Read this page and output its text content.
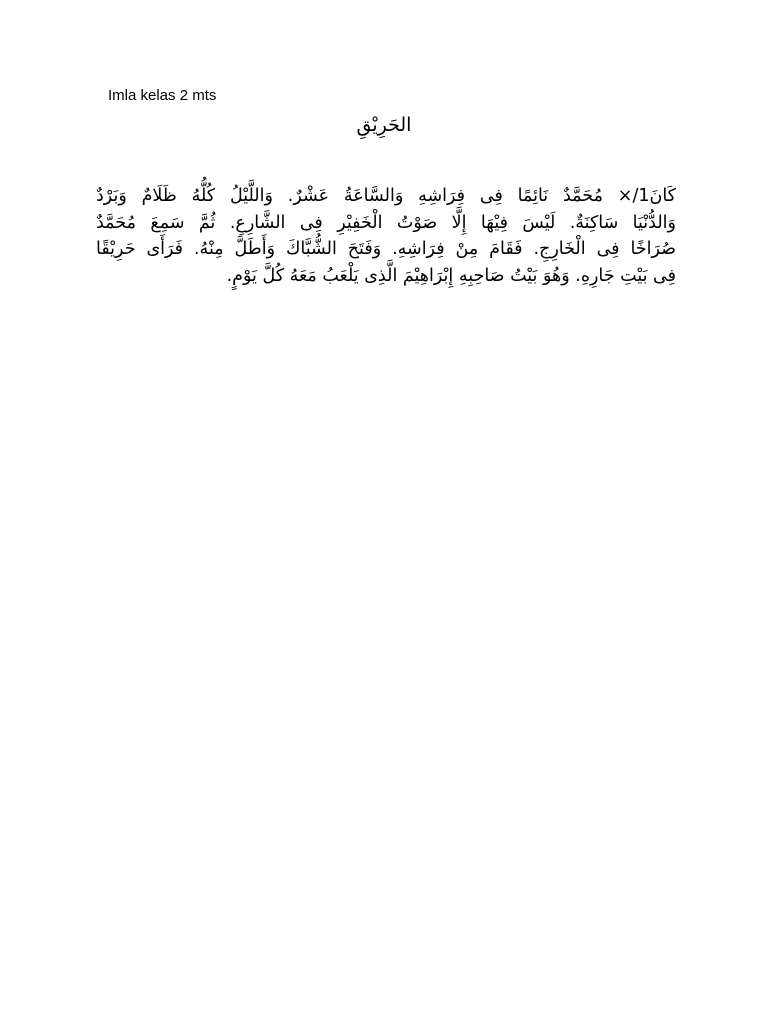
Imla kelas 2 mts
الحَرِيْقِ
كَانَ1/× مُحَمَّدٌ نَائِمًا فِى فِرَاشِهِ وَالسَّاعَةُ عَشْرٌ. وَاللَّيْلُ كُلُّهُ ظَلَامٌ وَبَرْدٌ
وَالدُّنْيَا سَاكِنَةٌ. لَيْسَ فِيْهَا إِلَّا صَوْتُ الْخَفِيْرِ فِى الشَّارِعِ. ثُمَّ سَمِعَ مُحَمَّدٌ
صُرَاخًا فِى الْخَارِجِ. فَقَامَ مِنْ فِرَاشِهِ. وَفَتَحَ الشُّبَّاكَ وَأَطَلَّ مِنْهُ. فَرَأَى حَرِيْقًا
فِى بَيْتِ جَارِهِ. وَهُوَ بَيْتُ صَاحِبِهِ إِبْرَاهِيْمَ الَّذِى يَلْعَبُ مَعَهُ كُلَّ يَوْمٍ.
